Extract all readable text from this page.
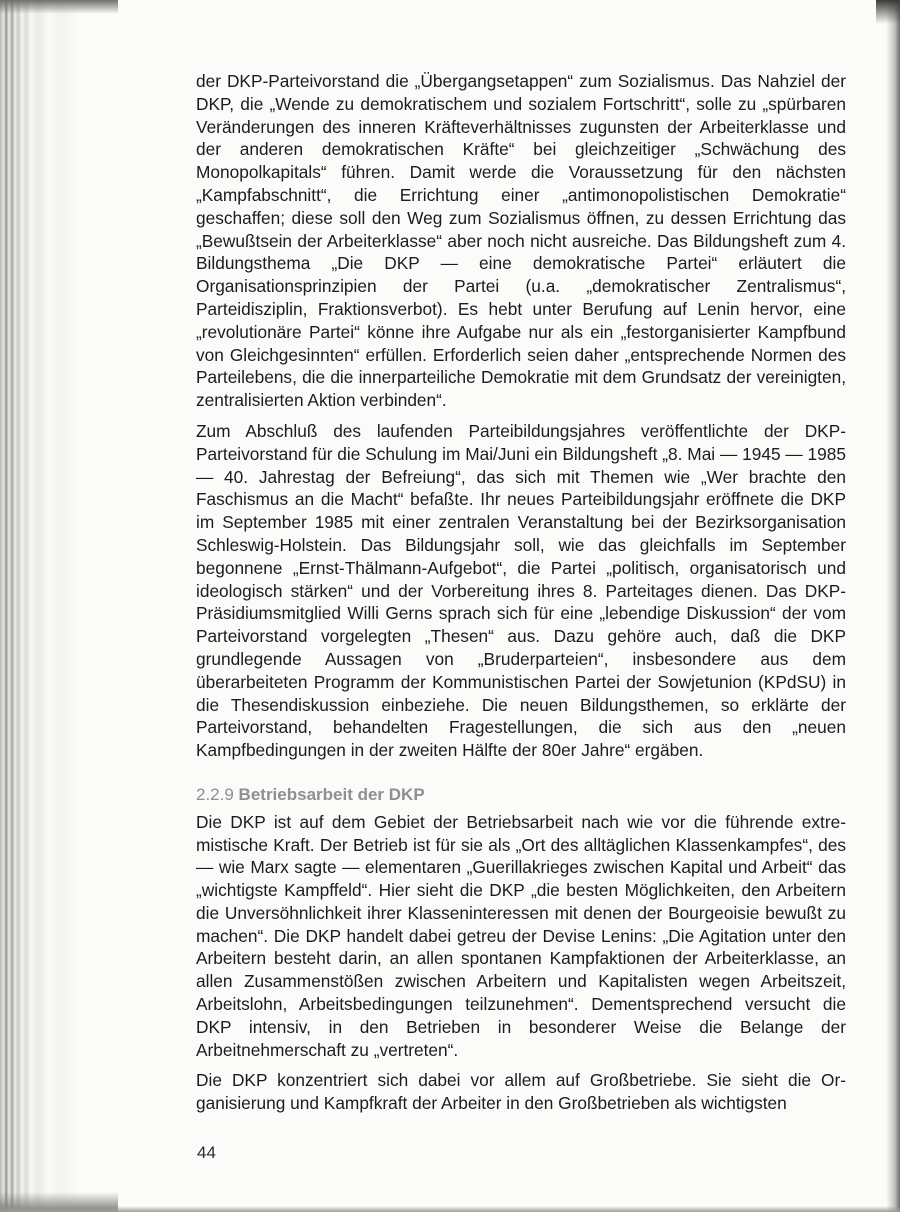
der DKP-Parteivorstand die „Übergangsetappen“ zum Sozialismus. Das Nahziel der DKP, die „Wende zu demokratischem und sozialem Fortschritt“, solle zu „spürbaren Veränderungen des inneren Kräfteverhältnisses zugunsten der Arbeiterklasse und der anderen demokratischen Kräfte“ bei gleichzeitiger „Schwächung des Monopolkapitals“ führen. Damit werde die Voraussetzung für den nächsten „Kampfabschnitt“, die Errichtung einer „antimonopolistischen Demokratie“ geschaffen; diese soll den Weg zum Sozialismus öffnen, zu dessen Errichtung das „Bewußtsein der Arbeiterklasse“ aber noch nicht ausreiche. Das Bildungsheft zum 4. Bildungsthema „Die DKP — eine demokratische Partei“ erläutert die Organisationsprinzipien der Partei (u.a. „demokratischer Zentralismus“, Parteidisziplin, Fraktionsverbot). Es hebt unter Berufung auf Lenin hervor, eine „revolutionäre Partei“ könne ihre Aufgabe nur als ein „festorganisierter Kampfbund von Gleichgesinnten“ erfüllen. Erforderlich seien daher „entsprechende Normen des Parteilebens, die die innerparteiliche Demokratie mit dem Grundsatz der vereinigten, zentralisierten Aktion verbinden“.

Zum Abschluß des laufenden Parteibildungsjahres veröffentlichte der DKP-Parteivorstand für die Schulung im Mai/Juni ein Bildungsheft „8. Mai — 1945 — 1985 — 40. Jahrestag der Befreiung“, das sich mit Themen wie „Wer brachte den Faschismus an die Macht“ befaßte. Ihr neues Parteibildungsjahr eröffnete die DKP im September 1985 mit einer zentralen Veranstaltung bei der Bezirksorganisation Schleswig-Holstein. Das Bildungsjahr soll, wie das gleichfalls im September begonnene „Ernst-Thälmann-Aufgebot“, die Partei „politisch, organisatorisch und ideologisch stärken“ und der Vorbereitung ihres 8. Parteitages dienen. Das DKP-Präsidiumsmitglied Willi Gerns sprach sich für eine „lebendige Diskussion“ der vom Parteivorstand vorgelegten „Thesen“ aus. Dazu gehöre auch, daß die DKP grundlegende Aussagen von „Bruderparteien“, insbesondere aus dem überarbeiteten Programm der Kommunistischen Partei der Sowjetunion (KPdSU) in die Thesendiskussion einbeziehe. Die neuen Bildungsthemen, so erklärte der Parteivorstand, behandelten Fragestellungen, die sich aus den „neuen Kampfbedingungen in der zweiten Hälfte der 80er Jahre“ ergäben.

2.2.9 Betriebsarbeit der DKP

Die DKP ist auf dem Gebiet der Betriebsarbeit nach wie vor die führende extremistische Kraft. Der Betrieb ist für sie als „Ort des alltäglichen Klassenkampfes“, des — wie Marx sagte — elementaren „Guerillakrieges zwischen Kapital und Arbeit“ das „wichtigste Kampffeld“. Hier sieht die DKP „die besten Möglichkeiten, den Arbeitern die Unversöhnlichkeit ihrer Klasseninteressen mit denen der Bourgeoisie bewußt zu machen“. Die DKP handelt dabei getreu der Devise Lenins: „Die Agitation unter den Arbeitern besteht darin, an allen spontanen Kampfaktionen der Arbeiterklasse, an allen Zusammenstößen zwischen Arbeitern und Kapitalisten wegen Arbeitszeit, Arbeitslohn, Arbeitsbedingungen teilzunehmen“. Dementsprechend versucht die DKP intensiv, in den Betrieben in besonderer Weise die Belange der Arbeitnehmerschaft zu „vertreten“.

Die DKP konzentriert sich dabei vor allem auf Großbetriebe. Sie sieht die Organisierung und Kampfkraft der Arbeiter in den Großbetrieben als wichtigsten

44
